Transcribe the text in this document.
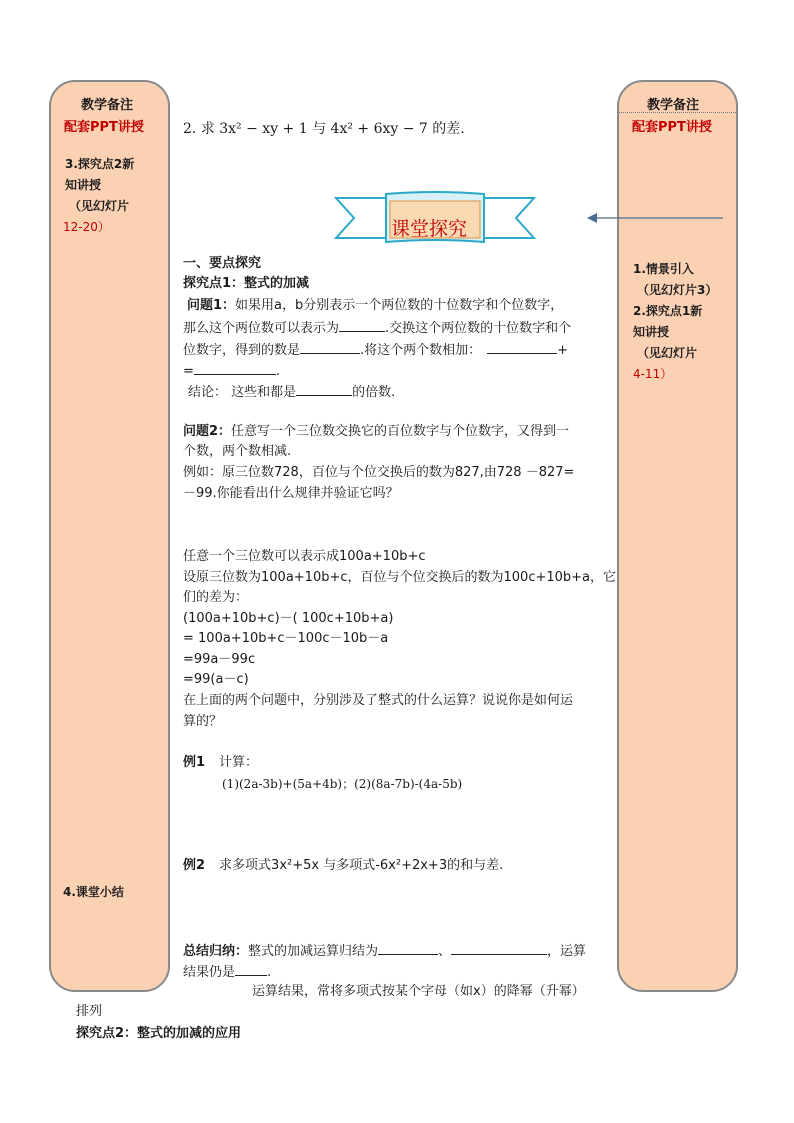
教学备注
配套PPT讲授
3.探究点2新
知讲授
（见幻灯片
12-20）
4.课堂小结
教学备注
配套PPT讲授
1.情景引入
（见幻灯片3）
2.探究点1新
知讲授
（见幻灯片
4-11）
2. 求 3x² − xy + 1 与 4x² + 6xy − 7 的差.
课堂探究
一、要点探究
探究点1：整式的加减
问题1：如果用a，b分别表示一个两位数的十位数字和个位数字，
那么这个两位数可以表示为	.交换这个两位数的十位数字和个
位数字，得到的数是	.将这个两个数相加：	+
=	.
结论： 这些和都是	的倍数.
问题2：任意写一个三位数交换它的百位数字与个位数字，又得到一
个数，两个数相减.
例如：原三位数728，百位与个位交换后的数为827,由728 －827=
－99.你能看出什么规律并验证它吗？
任意一个三位数可以表示成100a+10b+c
设原三位数为100a+10b+c，百位与个位交换后的数为100c+10b+a，它
们的差为：
(100a+10b+c)－( 100c+10b+a)
= 100a+10b+c－100c－10b－a
=99a－99c
=99(a－c)
在上面的两个问题中，分别涉及了整式的什么运算？说说你是如何运
算的？
例1 计算：
(1)(2a-3b)+(5a+4b)；(2)(8a-7b)-(4a-5b)
例2 求多项式3x²+5x 与多项式-6x²+2x+3的和与差.
总结归纳：整式的加减运算归结为	、	，运算
结果仍是 .
运算结果，常将多项式按某个字母（如x）的降幂（升幂）
排列
探究点2：整式的加减的应用
